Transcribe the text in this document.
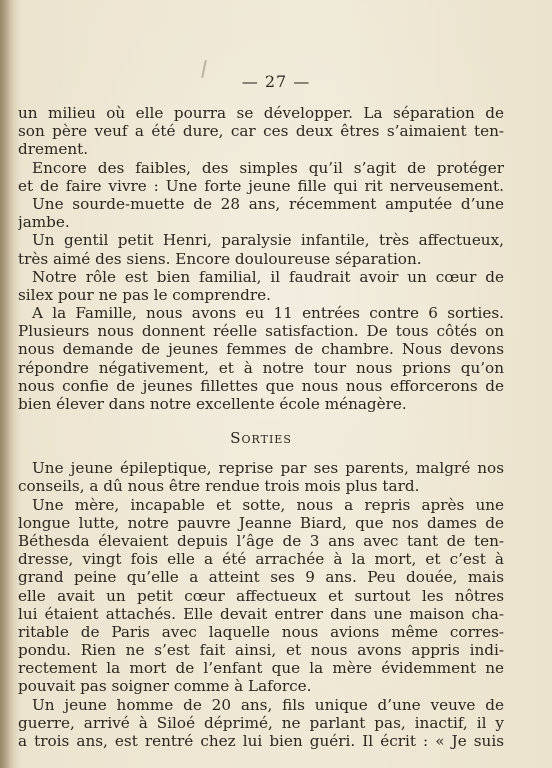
— 27 —
un milieu où elle pourra se développer. La séparation de
son père veuf a été dure, car ces deux êtres s’aimaient ten-
drement.
Encore des faibles, des simples qu’il s’agit de protéger
et de faire vivre : Une forte jeune fille qui rit nerveusement.
Une sourde-muette de 28 ans, récemment amputée d’une
jambe.
Un gentil petit Henri, paralysie infantile, très affectueux,
très aimé des siens. Encore douloureuse séparation.
Notre rôle est bien familial, il faudrait avoir un cœur de
silex pour ne pas le comprendre.
A la Famille, nous avons eu 11 entrées contre 6 sorties.
Plusieurs nous donnent réelle satisfaction. De tous côtés on
nous demande de jeunes femmes de chambre. Nous devons
répondre négativement, et à notre tour nous prions qu’on
nous confie de jeunes fillettes que nous nous efforcerons de
bien élever dans notre excellente école ménagère.
Sorties
Une jeune épileptique, reprise par ses parents, malgré nos
conseils, a dû nous être rendue trois mois plus tard.
Une mère, incapable et sotte, nous a repris après une
longue lutte, notre pauvre Jeanne Biard, que nos dames de
Béthesda élevaient depuis l’âge de 3 ans avec tant de ten-
dresse, vingt fois elle a été arrachée à la mort, et c’est à
grand peine qu’elle a atteint ses 9 ans. Peu douée, mais
elle avait un petit cœur affectueux et surtout les nôtres
lui étaient attachés. Elle devait entrer dans une maison cha-
ritable de Paris avec laquelle nous avions même corres-
pondu. Rien ne s’est fait ainsi, et nous avons appris indi-
rectement la mort de l’enfant que la mère évidemment ne
pouvait pas soigner comme à Laforce.
Un jeune homme de 20 ans, fils unique d’une veuve de
guerre, arrivé à Siloé déprimé, ne parlant pas, inactif, il y
a trois ans, est rentré chez lui bien guéri. Il écrit : « Je suis
